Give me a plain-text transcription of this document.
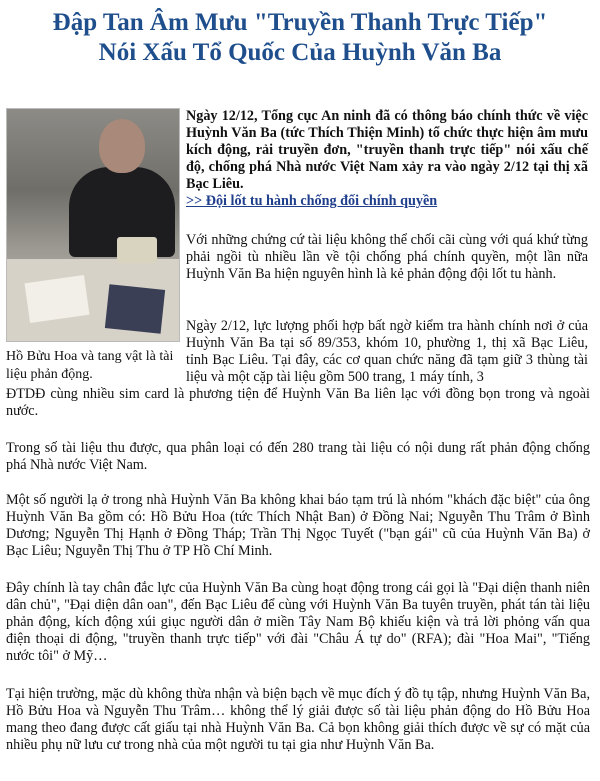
Đập Tan Âm Mưu "Truyền Thanh Trực Tiếp"
Nói Xấu Tổ Quốc Của Huỳnh Văn Ba
Hồ Bửu Hoa và tang vật là tài liệu phản động.
Ngày 12/12, Tổng cục An ninh đã có thông báo chính thức về việc Huỳnh Văn Ba (tức Thích Thiện Minh) tổ chức thực hiện âm mưu kích động, rải truyền đơn, "truyền thanh trực tiếp" nói xấu chế độ, chống phá Nhà nước Việt Nam xảy ra vào ngày 2/12 tại thị xã Bạc Liêu.
>> Đội lốt tu hành chống đối chính quyền
Với những chứng cứ tài liệu không thể chối cãi cùng với quá khứ từng phải ngồi tù nhiều lần về tội chống phá chính quyền, một lần nữa Huỳnh Văn Ba hiện nguyên hình là kẻ phản động đội lốt tu hành.
Ngày 2/12, lực lượng phối hợp bất ngờ kiểm tra hành chính nơi ở của Huỳnh Văn Ba tại số 89/353, khóm 10, phường 1, thị xã Bạc Liêu, tỉnh Bạc Liêu. Tại đây, các cơ quan chức năng đã tạm giữ 3 thùng tài liệu và một cặp tài liệu gồm 500 trang, 1 máy tính, 3
ĐTDĐ cùng nhiều sim card là phương tiện để Huỳnh Văn Ba liên lạc với đồng bọn trong và ngoài nước.
Trong số tài liệu thu được, qua phân loại có đến 280 trang tài liệu có nội dung rất phản động chống phá Nhà nước Việt Nam.
Một số người lạ ở trong nhà Huỳnh Văn Ba không khai báo tạm trú là nhóm "khách đặc biệt" của ông Huỳnh Văn Ba gồm có: Hồ Bửu Hoa (tức Thích Nhật Ban) ở Đồng Nai; Nguyễn Thu Trâm ở Bình Dương; Nguyễn Thị Hạnh ở Đồng Tháp; Trần Thị Ngọc Tuyết ("bạn gái" cũ của Huỳnh Văn Ba) ở Bạc Liêu; Nguyễn Thị Thu ở TP Hồ Chí Minh.
Đây chính là tay chân đắc lực của Huỳnh Văn Ba cùng hoạt động trong cái gọi là "Đại diện thanh niên dân chủ", "Đại diện dân oan", đến Bạc Liêu để cùng với Huỳnh Văn Ba tuyên truyền, phát tán tài liệu phản động, kích động xúi giục người dân ở miền Tây Nam Bộ khiếu kiện và trả lời phỏng vấn qua điện thoại di động, "truyền thanh trực tiếp" với đài "Châu Á tự do" (RFA); đài "Hoa Mai", "Tiếng nước tôi" ở Mỹ…
Tại hiện trường, mặc dù không thừa nhận và biện bạch về mục đích ý đồ tụ tập, nhưng Huỳnh Văn Ba, Hồ Bửu Hoa và Nguyễn Thu Trâm… không thể lý giải được số tài liệu phản động do Hồ Bửu Hoa mang theo đang được cất giấu tại nhà Huỳnh Văn Ba. Cả bọn không giải thích được về sự có mặt của nhiều phụ nữ lưu cư trong nhà của một người tu tại gia như Huỳnh Văn Ba.
